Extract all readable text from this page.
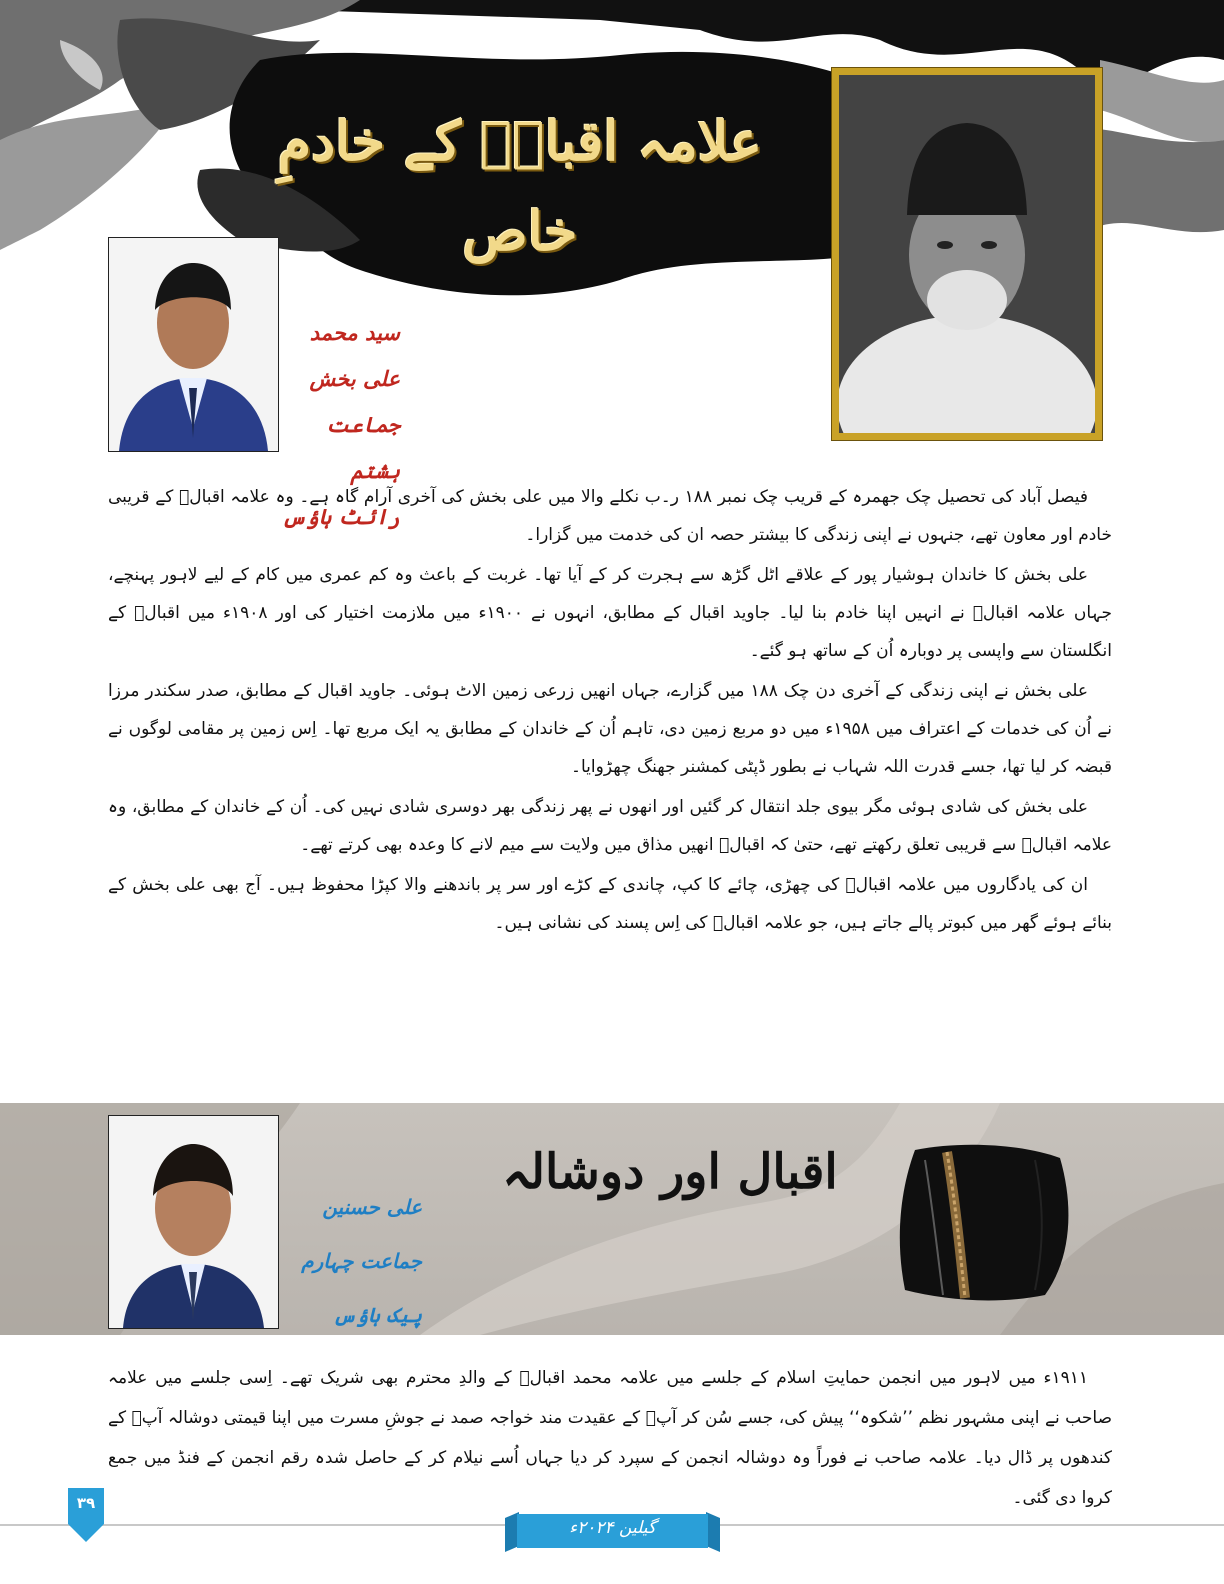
علامہ اقبالؒ کے خادمِ خاص
سید محمد علی بخش
جماعت ہشتم
رائٹ ہاؤس

فیصل آباد کی تحصیل چک جھمرہ کے قریب چک نمبر ۱۸۸ ر۔ب نکلے والا میں علی بخش کی آخری آرام گاہ ہے۔ وہ علامہ اقبالؒ کے قریبی خادم اور معاون تھے، جنہوں نے اپنی زندگی کا بیشتر حصہ ان کی خدمت میں گزارا۔

علی بخش کا خاندان ہوشیار پور کے علاقے اٹل گڑھ سے ہجرت کر کے آیا تھا۔ غربت کے باعث وہ کم عمری میں کام کے لیے لاہور پہنچے، جہاں علامہ اقبالؒ نے انہیں اپنا خادم بنا لیا۔ جاوید اقبال کے مطابق، انہوں نے ۱۹۰۰ء میں ملازمت اختیار کی اور ۱۹۰۸ء میں اقبالؒ کے انگلستان سے واپسی پر دوبارہ اُن کے ساتھ ہو گئے۔

علی بخش نے اپنی زندگی کے آخری دن چک ۱۸۸ میں گزارے، جہاں انھیں زرعی زمین الاٹ ہوئی۔ جاوید اقبال کے مطابق، صدر سکندر مرزا نے اُن کی خدمات کے اعتراف میں ۱۹۵۸ء میں دو مربع زمین دی، تاہم اُن کے خاندان کے مطابق یہ ایک مربع تھا۔ اِس زمین پر مقامی لوگوں نے قبضہ کر لیا تھا، جسے قدرت اللہ شہاب نے بطور ڈپٹی کمشنر جھنگ چھڑوایا۔

علی بخش کی شادی ہوئی مگر بیوی جلد انتقال کر گئیں اور انھوں نے پھر زندگی بھر دوسری شادی نہیں کی۔ اُن کے خاندان کے مطابق، وہ علامہ اقبالؒ سے قریبی تعلق رکھتے تھے، حتیٰ کہ اقبالؒ انھیں مذاق میں ولایت سے میم لانے کا وعدہ بھی کرتے تھے۔

ان کی یادگاروں میں علامہ اقبالؒ کی چھڑی، چائے کا کپ، چاندی کے کڑے اور سر پر باندھنے والا کپڑا محفوظ ہیں۔ آج بھی علی بخش کے بنائے ہوئے گھر میں کبوتر پالے جاتے ہیں، جو علامہ اقبالؒ کی اِس پسند کی نشانی ہیں۔

علی حسنین
جماعت چہارم
پیک ہاؤس
اقبال اور دوشالہ

۱۹۱۱ء میں لاہور میں انجمن حمایتِ اسلام کے جلسے میں علامہ محمد اقبالؒ کے والدِ محترم بھی شریک تھے۔ اِسی جلسے میں علامہ صاحب نے اپنی مشہور نظم ’’شکوہ‘‘ پیش کی، جسے سُن کر آپؒ کے عقیدت مند خواجہ صمد نے جوشِ مسرت میں اپنا قیمتی دوشالہ آپؒ کے کندھوں پر ڈال دیا۔ علامہ صاحب نے فوراً وہ دوشالہ انجمن کے سپرد کر دیا جہاں اُسے نیلام کر کے حاصل شدہ رقم انجمن کے فنڈ میں جمع کروا دی گئی۔

۳۹
گیلین ۲۰۲۴ء
